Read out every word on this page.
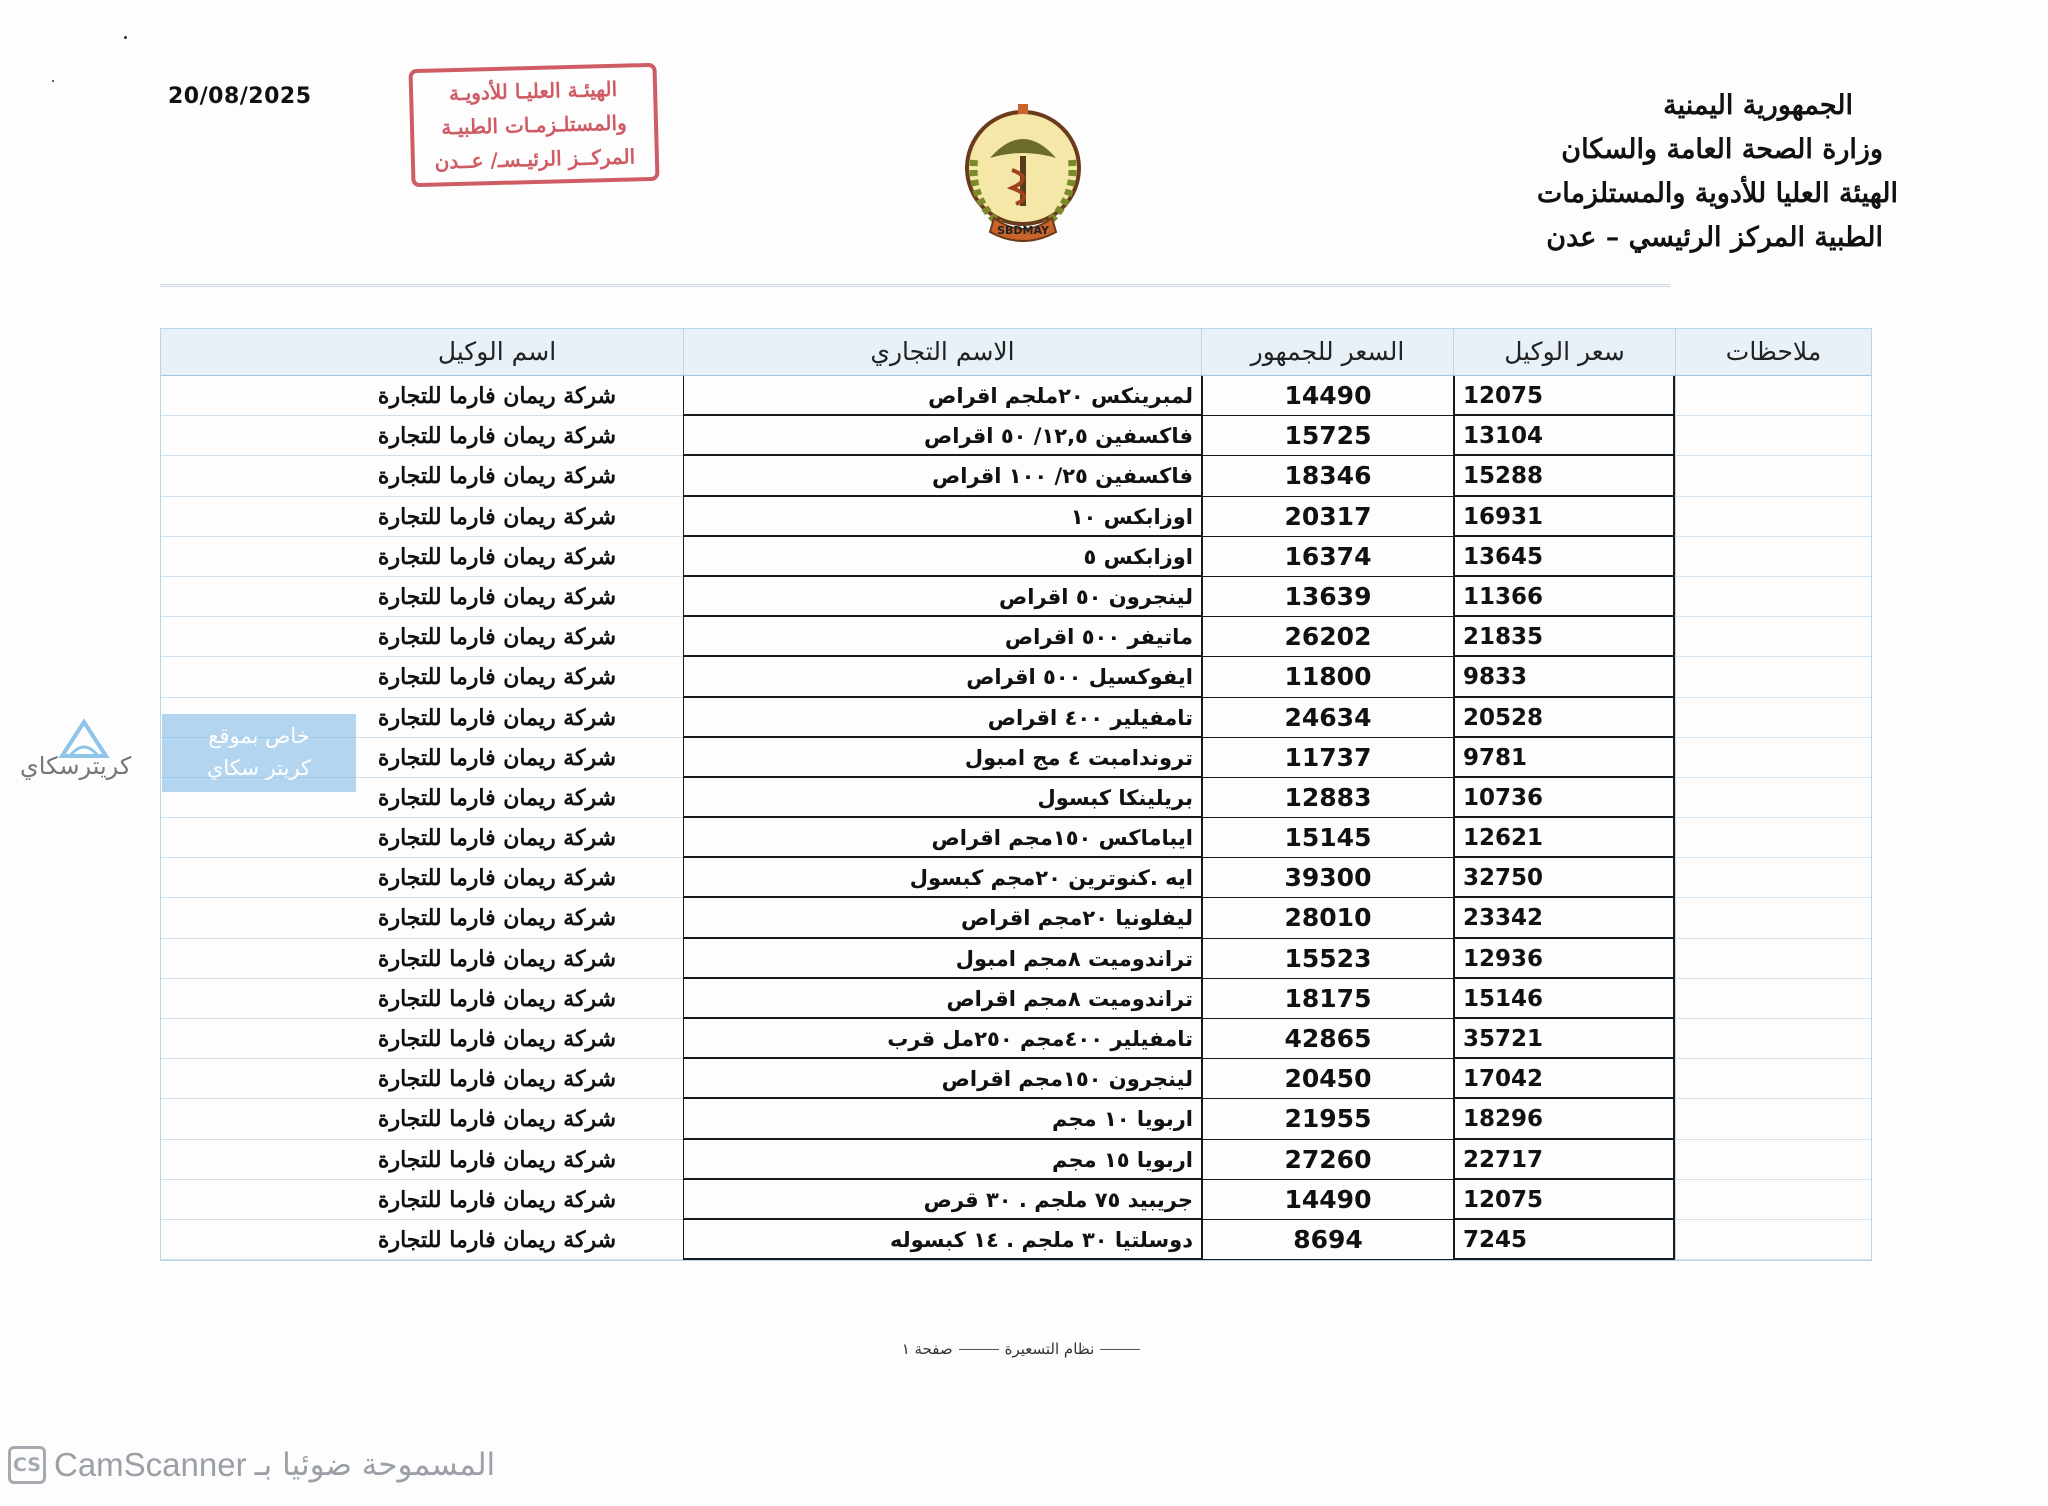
20/08/2025	الهيئـة العليـا للأدويـة
والمستلـزمـات الطبيـة
المركــز الرئيـسـ/ عــدن
SBDMAY
الجمهورية اليمنية
وزارة الصحة العامة والسكان
الهيئة العليا للأدوية والمستلزمات
الطبية المركز الرئيسي – عدن
ملاحظات
سعر الوكيل
السعر للجمهور
الاسم التجاري
اسم الوكيل
12075
14490
لمبرينكس ٢٠ملجم اقراص
شركة ريمان فارما للتجارة
13104
15725
فاكسفين ١٢,٥/ ٥٠ اقراص
شركة ريمان فارما للتجارة
15288
18346
فاكسفين ٢٥/ ١٠٠ اقراص
شركة ريمان فارما للتجارة
16931
20317
اوزابكس ١٠
شركة ريمان فارما للتجارة
13645
16374
اوزابكس ٥
شركة ريمان فارما للتجارة
11366
13639
لينجرون ٥٠ اقراص
شركة ريمان فارما للتجارة
21835
26202
ماتيفر ٥٠٠ اقراص
شركة ريمان فارما للتجارة
9833
11800
ايفوكسيل ٥٠٠ اقراص
شركة ريمان فارما للتجارة
20528
24634
تامفيلير ٤٠٠ اقراص
شركة ريمان فارما للتجارة
9781
11737
تروندامبت ٤ مج امبول
شركة ريمان فارما للتجارة
10736
12883
بريلينكا كبسول
شركة ريمان فارما للتجارة
12621
15145
ايباماكس ١٥٠مجم اقراص
شركة ريمان فارما للتجارة
32750
39300
ايه .كنوترين ٢٠مجم كبسول
شركة ريمان فارما للتجارة
23342
28010
ليفلونيا ٢٠مجم اقراص
شركة ريمان فارما للتجارة
12936
15523
تراندوميت ٨مجم امبول
شركة ريمان فارما للتجارة
15146
18175
تراندوميت ٨مجم اقراص
شركة ريمان فارما للتجارة
35721
42865
تامفيلير ٤٠٠مجم ٢٥٠مل قرب
شركة ريمان فارما للتجارة
17042
20450
لينجرون ١٥٠مجم اقراص
شركة ريمان فارما للتجارة
18296
21955
اربويا ١٠ مجم
شركة ريمان فارما للتجارة
22717
27260
اربويا ١٥ مجم
شركة ريمان فارما للتجارة
12075
14490
جريبيد ٧٥ ملجم . ٣٠ قرص
شركة ريمان فارما للتجارة
7245
8694
دوسلتيا ٣٠ ملجم . ١٤ كبسوله
شركة ريمان فارما للتجارة
نظام التسعيرةصفحة ١
خاص بموقع
كريتر سكاي
كريترسكاي
CS CamScanner المسموحة ضوئيا بـ
